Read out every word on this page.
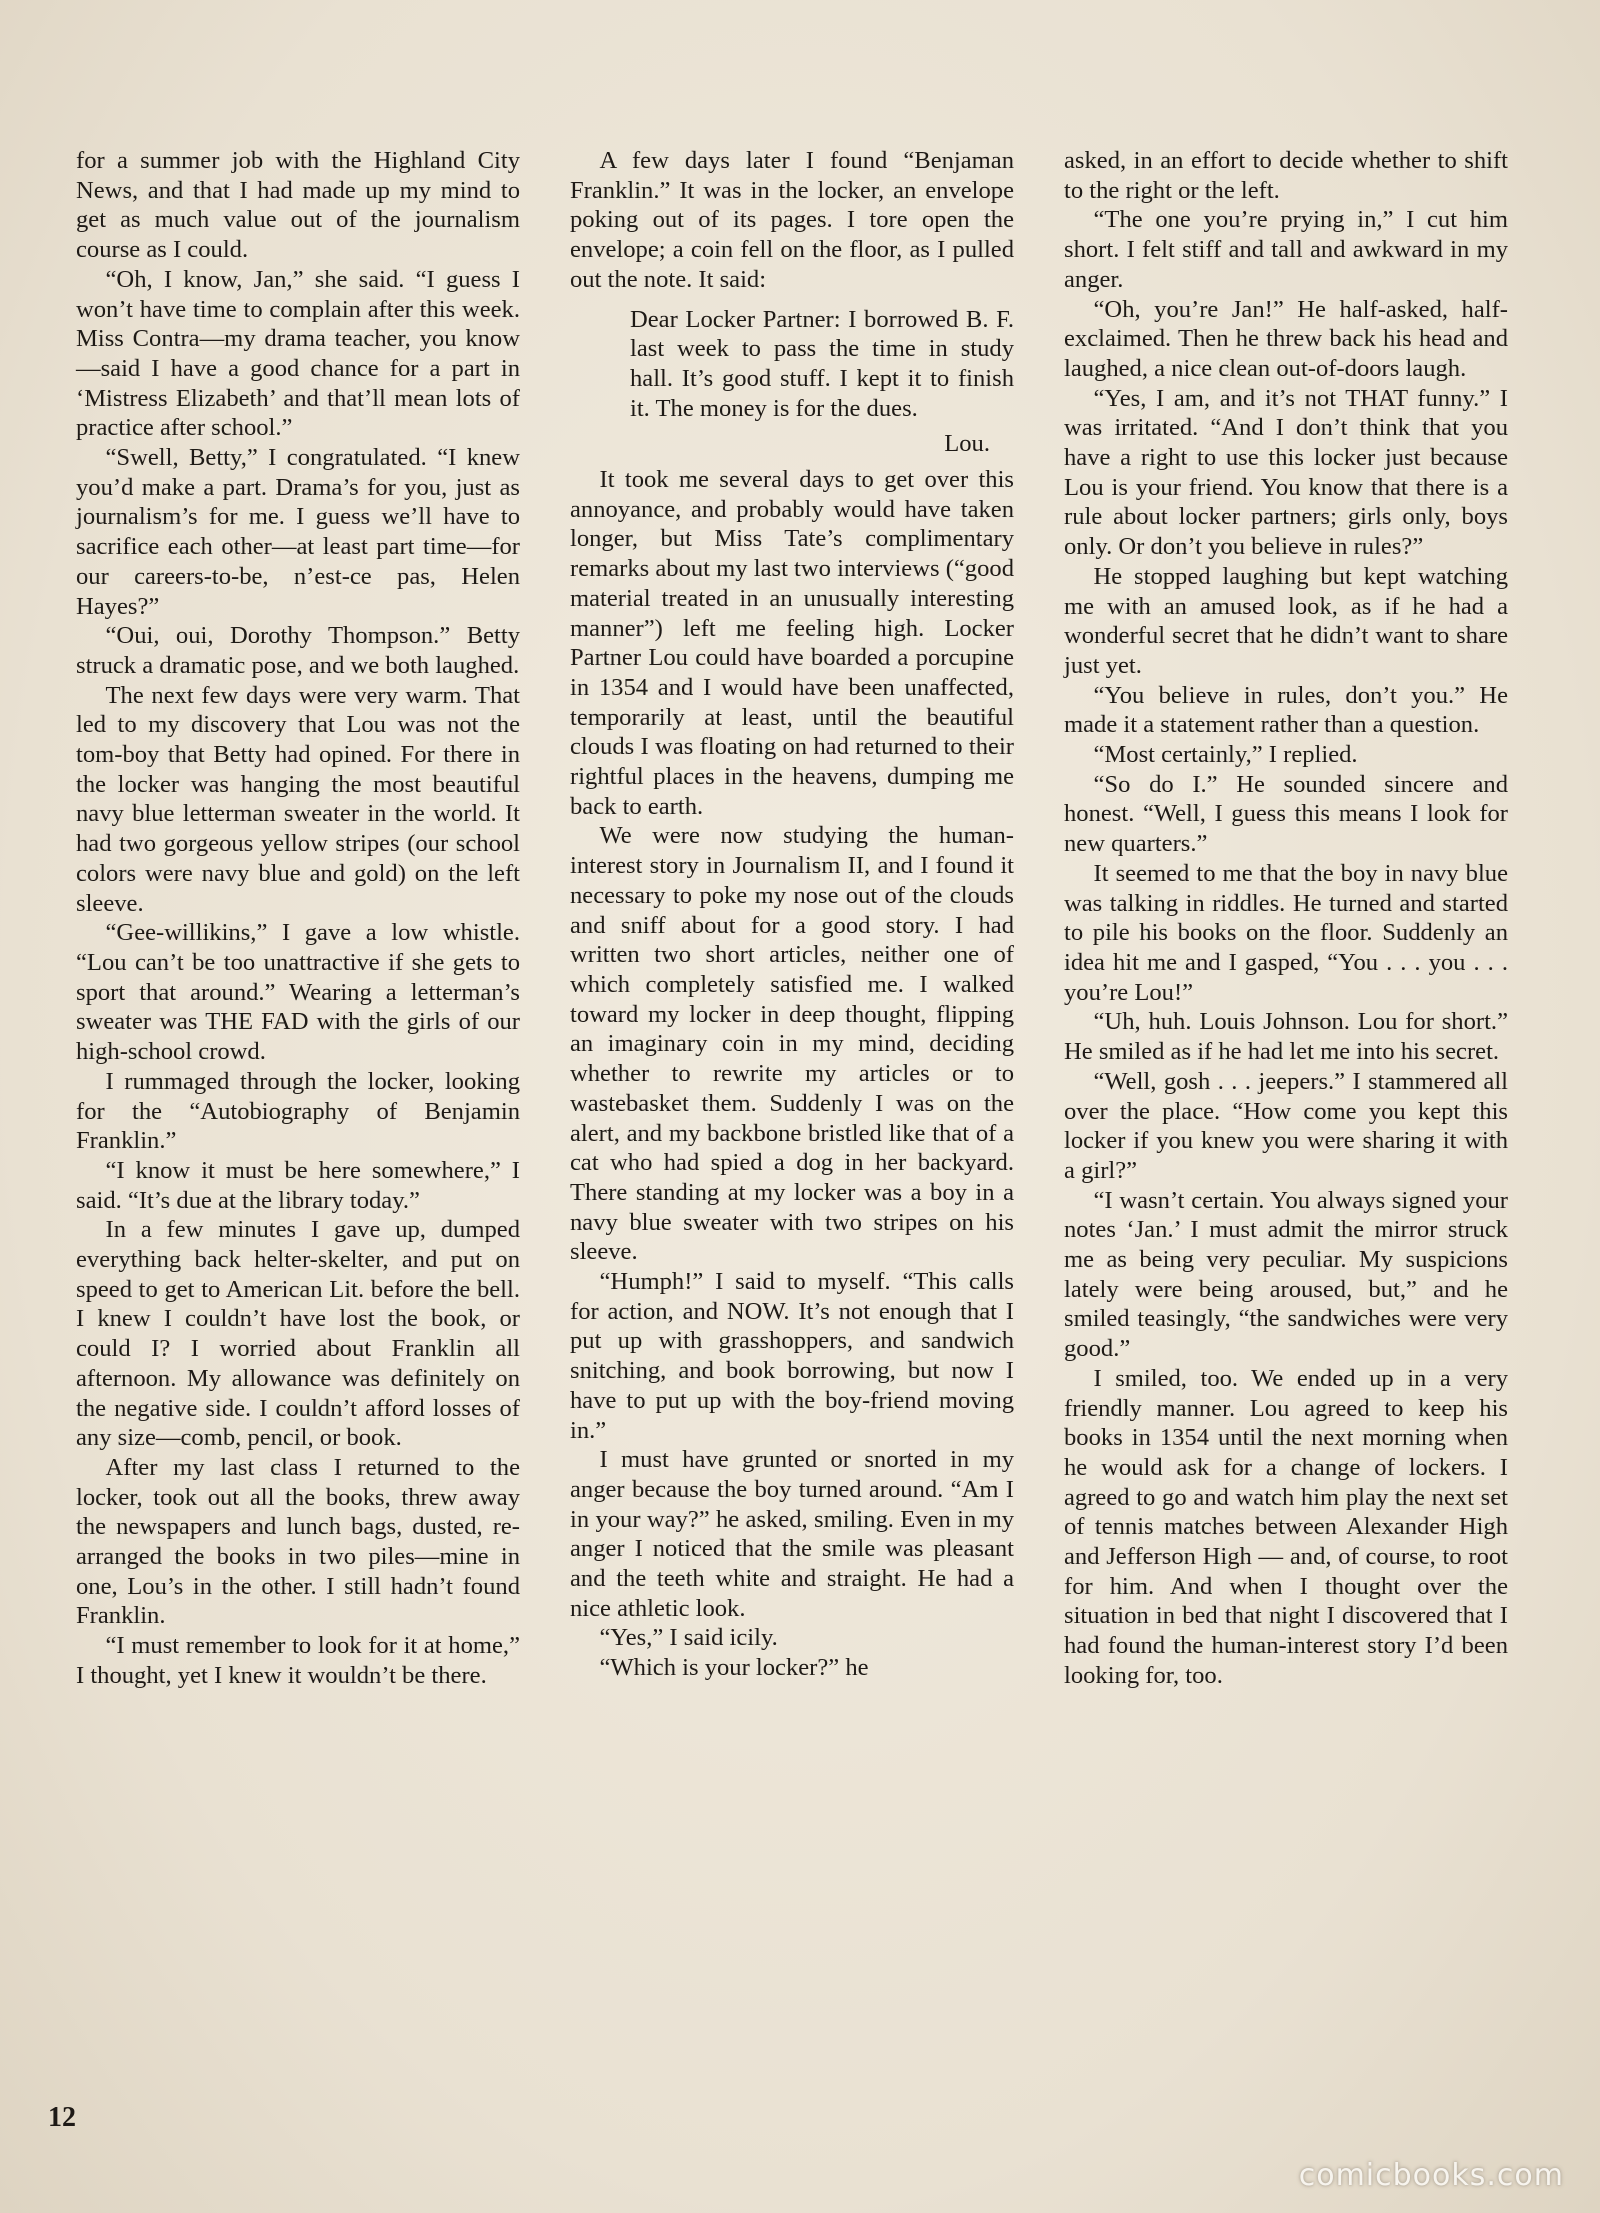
for a summer job with the Highland City News, and that I had made up my mind to get as much value out of the journalism course as I could.

“Oh, I know, Jan,” she said. “I guess I won’t have time to complain after this week. Miss Contra—my drama teacher, you know—said I have a good chance for a part in ‘Mistress Elizabeth’ and that’ll mean lots of practice after school.”

“Swell, Betty,” I congratulated. “I knew you’d make a part. Drama’s for you, just as journalism’s for me. I guess we’ll have to sacrifice each other—at least part time—for our careers-to-be, n’est-ce pas, Helen Hayes?”

“Oui, oui, Dorothy Thompson.” Betty struck a dramatic pose, and we both laughed.

The next few days were very warm. That led to my discovery that Lou was not the tom-boy that Betty had opined. For there in the locker was hanging the most beautiful navy blue letterman sweater in the world. It had two gorgeous yellow stripes (our school colors were navy blue and gold) on the left sleeve.

“Gee-willikins,” I gave a low whistle. “Lou can’t be too unattractive if she gets to sport that around.” Wearing a letterman’s sweater was THE FAD with the girls of our high-school crowd.

I rummaged through the locker, looking for the “Autobiography of Benjamin Franklin.”

“I know it must be here somewhere,” I said. “It’s due at the library today.”

In a few minutes I gave up, dumped everything back helter-skelter, and put on speed to get to American Lit. before the bell. I knew I couldn’t have lost the book, or could I? I worried about Franklin all afternoon. My allowance was definitely on the negative side. I couldn’t afford losses of any size—comb, pencil, or book.

After my last class I returned to the locker, took out all the books, threw away the newspapers and lunch bags, dusted, re-arranged the books in two piles—mine in one, Lou’s in the other. I still hadn’t found Franklin.

“I must remember to look for it at home,” I thought, yet I knew it wouldn’t be there.

A few days later I found “Benjaman Franklin.” It was in the locker, an envelope poking out of its pages. I tore open the envelope; a coin fell on the floor, as I pulled out the note. It said:

Dear Locker Partner: I borrowed B. F. last week to pass the time in study hall. It’s good stuff. I kept it to finish it. The money is for the dues.

Lou.

It took me several days to get over this annoyance, and probably would have taken longer, but Miss Tate’s complimentary remarks about my last two interviews (“good material treated in an unusually interesting manner”) left me feeling high. Locker Partner Lou could have boarded a porcupine in 1354 and I would have been unaffected, temporarily at least, until the beautiful clouds I was floating on had returned to their rightful places in the heavens, dumping me back to earth.

We were now studying the human-interest story in Journalism II, and I found it necessary to poke my nose out of the clouds and sniff about for a good story. I had written two short articles, neither one of which completely satisfied me. I walked toward my locker in deep thought, flipping an imaginary coin in my mind, deciding whether to rewrite my articles or to wastebasket them. Suddenly I was on the alert, and my backbone bristled like that of a cat who had spied a dog in her backyard. There standing at my locker was a boy in a navy blue sweater with two stripes on his sleeve.

“Humph!” I said to myself. “This calls for action, and NOW. It’s not enough that I put up with grasshoppers, and sandwich snitching, and book borrowing, but now I have to put up with the boy-friend moving in.”

I must have grunted or snorted in my anger because the boy turned around. “Am I in your way?” he asked, smiling. Even in my anger I noticed that the smile was pleasant and the teeth white and straight. He had a nice athletic look.

“Yes,” I said icily.

“Which is your locker?” he

asked, in an effort to decide whether to shift to the right or the left.

“The one you’re prying in,” I cut him short. I felt stiff and tall and awkward in my anger.

“Oh, you’re Jan!” He half-asked, half-exclaimed. Then he threw back his head and laughed, a nice clean out-of-doors laugh.

“Yes, I am, and it’s not THAT funny.” I was irritated. “And I don’t think that you have a right to use this locker just because Lou is your friend. You know that there is a rule about locker partners; girls only, boys only. Or don’t you believe in rules?”

He stopped laughing but kept watching me with an amused look, as if he had a wonderful secret that he didn’t want to share just yet.

“You believe in rules, don’t you.” He made it a statement rather than a question.

“Most certainly,” I replied.

“So do I.” He sounded sincere and honest. “Well, I guess this means I look for new quarters.”

It seemed to me that the boy in navy blue was talking in riddles. He turned and started to pile his books on the floor. Suddenly an idea hit me and I gasped, “You . . . you . . . you’re Lou!”

“Uh, huh. Louis Johnson. Lou for short.” He smiled as if he had let me into his secret.

“Well, gosh . . . jeepers.” I stammered all over the place. “How come you kept this locker if you knew you were sharing it with a girl?”

“I wasn’t certain. You always signed your notes ‘Jan.’ I must admit the mirror struck me as being very peculiar. My suspicions lately were being aroused, but,” and he smiled teasingly, “the sandwiches were very good.”

I smiled, too. We ended up in a very friendly manner. Lou agreed to keep his books in 1354 until the next morning when he would ask for a change of lockers. I agreed to go and watch him play the next set of tennis matches between Alexander High and Jefferson High — and, of course, to root for him. And when I thought over the situation in bed that night I discovered that I had found the human-interest story I’d been looking for, too.

12
comicbooks.com
